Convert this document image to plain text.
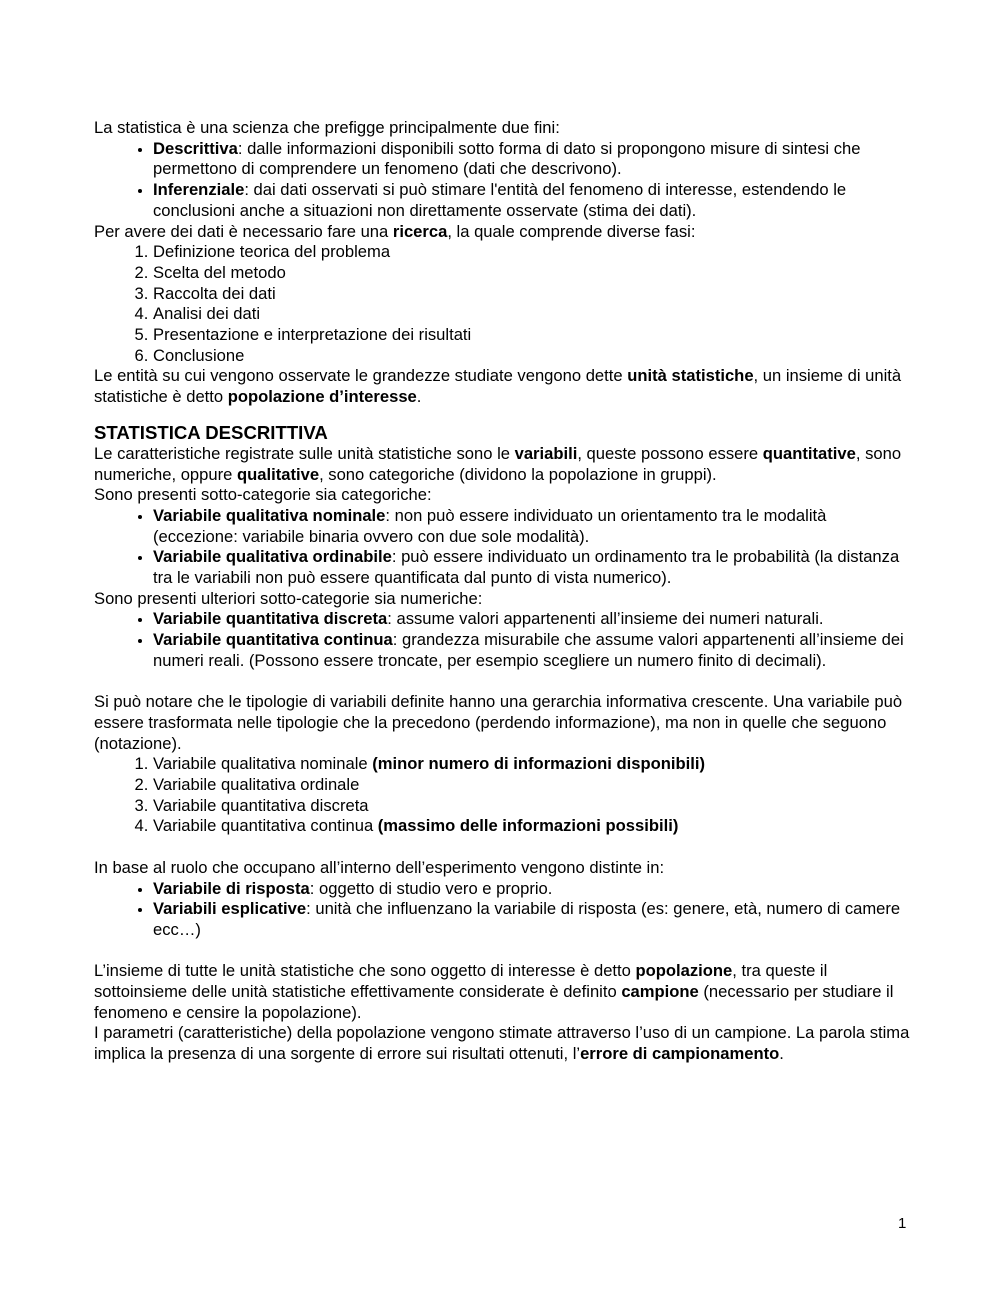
La statistica è una scienza che prefigge principalmente due fini:

• Descrittiva: dalle informazioni disponibili sotto forma di dato si propongono misure di sintesi che permettono di comprendere un fenomeno (dati che descrivono).
• Inferenziale: dai dati osservati si può stimare l'entità del fenomeno di interesse, estendendo le conclusioni anche a situazioni non direttamente osservate (stima dei dati).

Per avere dei dati è necessario fare una ricerca, la quale comprende diverse fasi:

1. Definizione teorica del problema
2. Scelta del metodo
3. Raccolta dei dati
4. Analisi dei dati
5. Presentazione e interpretazione dei risultati
6. Conclusione

Le entità su cui vengono osservate le grandezze studiate vengono dette unità statistiche, un insieme di unità statistiche è detto popolazione d’interesse.

STATISTICA DESCRITTIVA

Le caratteristiche registrate sulle unità statistiche sono le variabili, queste possono essere quantitative, sono numeriche, oppure qualitative, sono categoriche (dividono la popolazione in gruppi).

Sono presenti sotto-categorie sia categoriche:

• Variabile qualitativa nominale: non può essere individuato un orientamento tra le modalità (eccezione: variabile binaria ovvero con due sole modalità).
• Variabile qualitativa ordinabile: può essere individuato un ordinamento tra le probabilità (la distanza tra le variabili non può essere quantificata dal punto di vista numerico).

Sono presenti ulteriori sotto-categorie sia numeriche:

• Variabile quantitativa discreta: assume valori appartenenti all’insieme dei numeri naturali.
• Variabile quantitativa continua: grandezza misurabile che assume valori appartenenti all’insieme dei numeri reali. (Possono essere troncate, per esempio scegliere un numero finito di decimali).

Si può notare che le tipologie di variabili definite hanno una gerarchia informativa crescente. Una variabile può essere trasformata nelle tipologie che la precedono (perdendo informazione), ma non in quelle che seguono (notazione).

1. Variabile qualitativa nominale (minor numero di informazioni disponibili)
2. Variabile qualitativa ordinale
3. Variabile quantitativa discreta
4. Variabile quantitativa continua (massimo delle informazioni possibili)

In base al ruolo che occupano all’interno dell’esperimento vengono distinte in:

• Variabile di risposta: oggetto di studio vero e proprio.
• Variabili esplicative: unità che influenzano la variabile di risposta (es: genere, età, numero di camere ecc…)

L’insieme di tutte le unità statistiche che sono oggetto di interesse è detto popolazione, tra queste il sottoinsieme delle unità statistiche effettivamente considerate è definito campione (necessario per studiare il fenomeno e censire la popolazione).

I parametri (caratteristiche) della popolazione vengono stimate attraverso l’uso di un campione. La parola stima implica la presenza di una sorgente di errore sui risultati ottenuti, l’errore di campionamento.

1
